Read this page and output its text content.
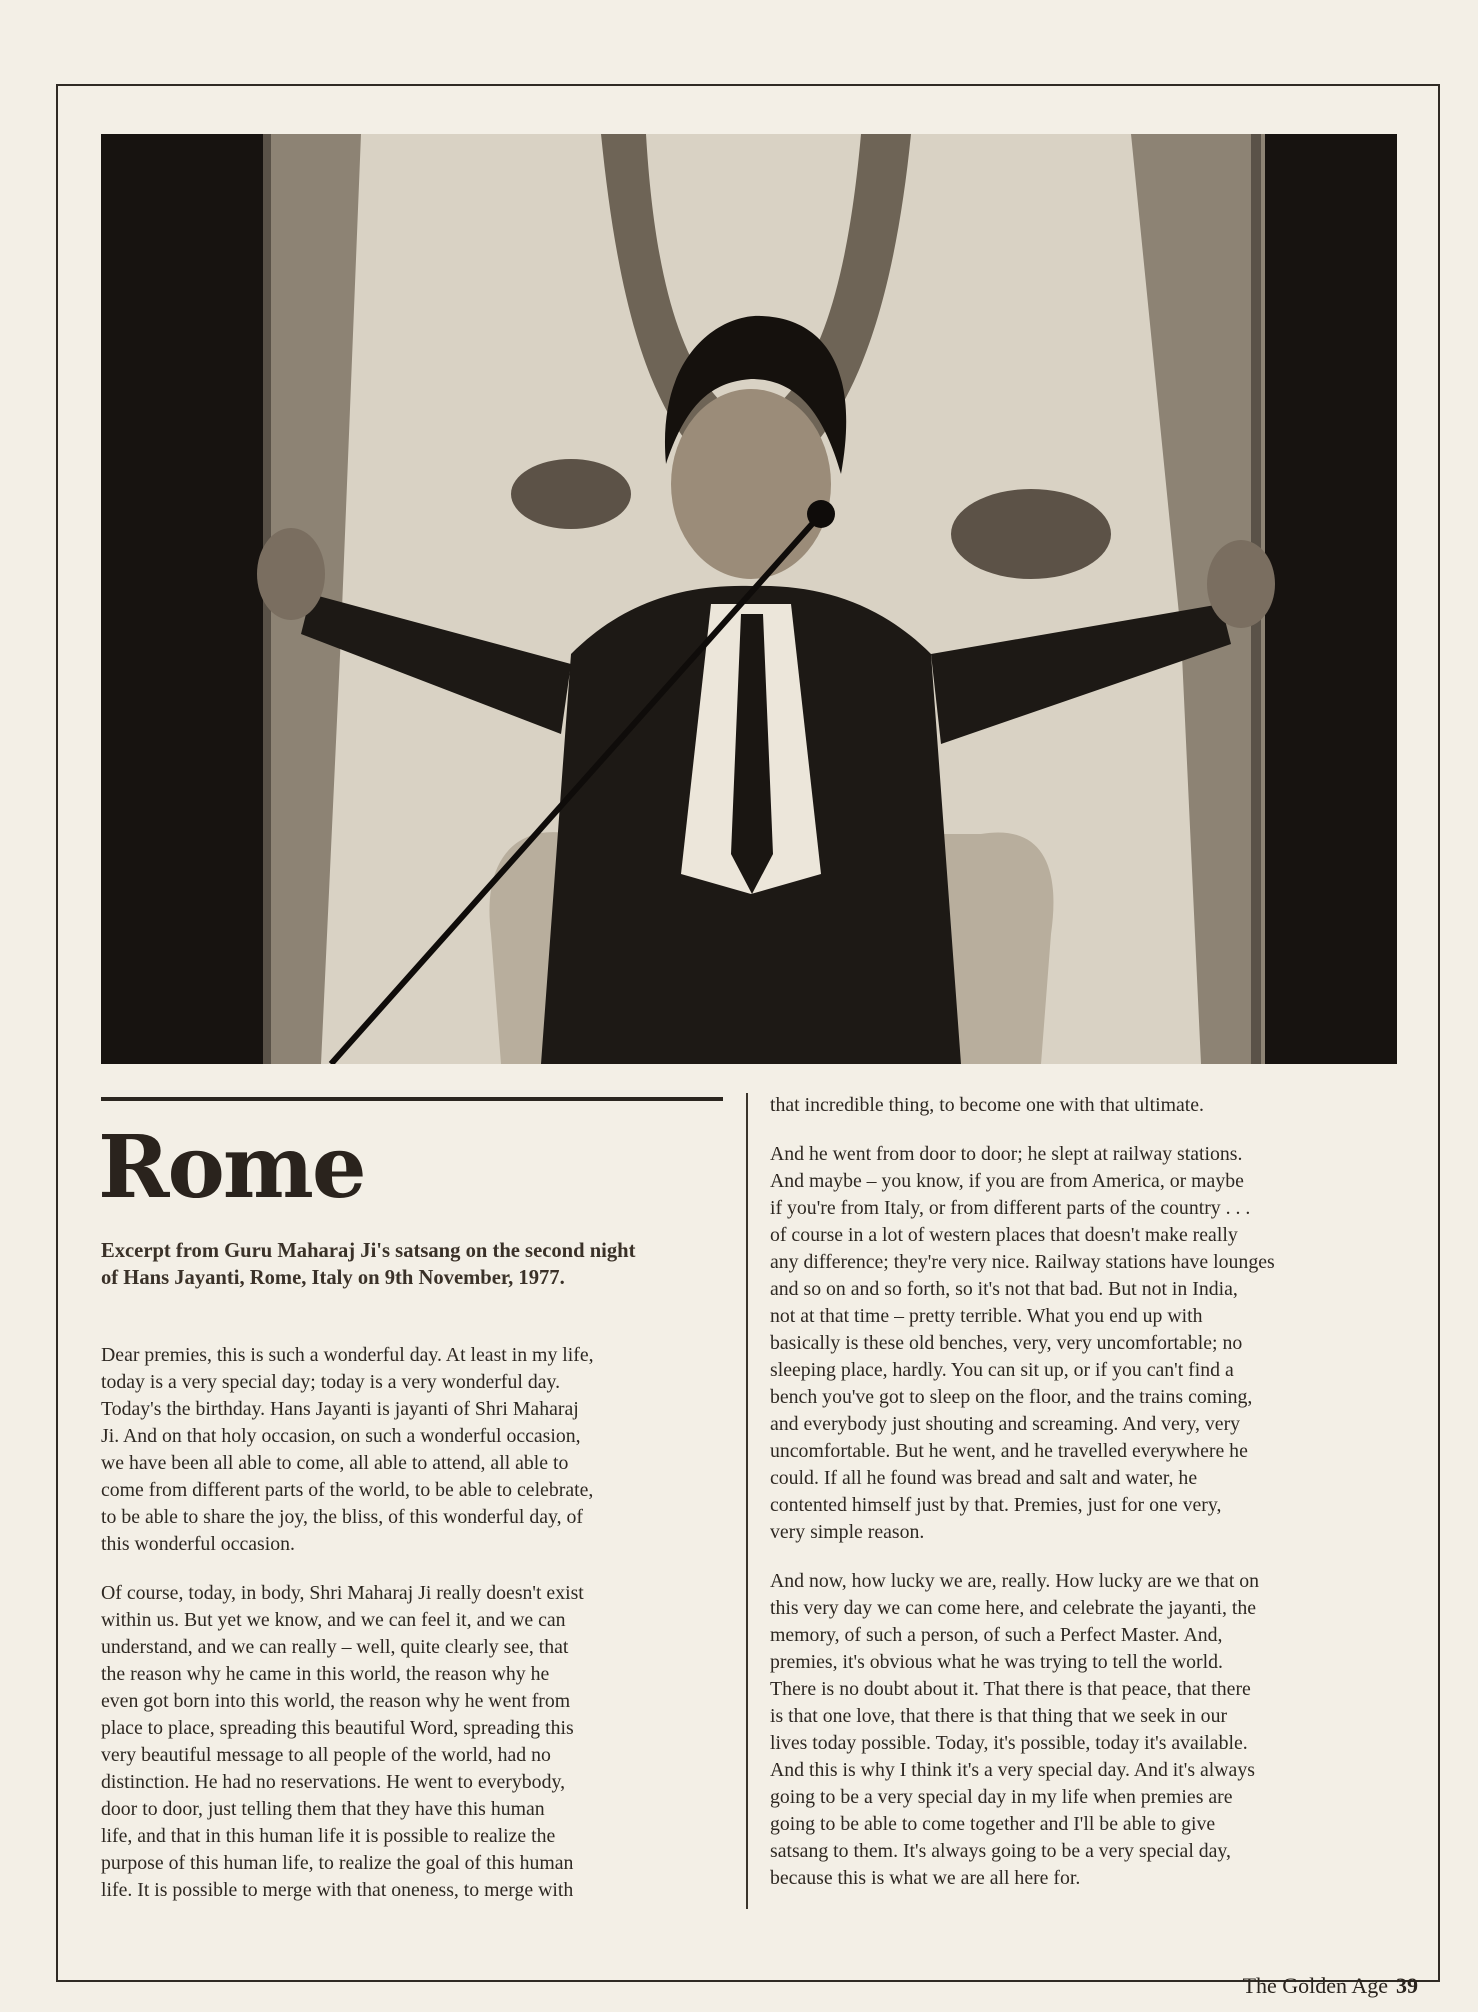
Rome

Excerpt from Guru Maharaj Ji's satsang on the second night
of Hans Jayanti, Rome, Italy on 9th November, 1977.

Dear premies, this is such a wonderful day. At least in my life,
today is a very special day; today is a very wonderful day.
Today's the birthday. Hans Jayanti is jayanti of Shri Maharaj
Ji. And on that holy occasion, on such a wonderful occasion,
we have been all able to come, all able to attend, all able to
come from different parts of the world, to be able to celebrate,
to be able to share the joy, the bliss, of this wonderful day, of
this wonderful occasion.

Of course, today, in body, Shri Maharaj Ji really doesn't exist
within us. But yet we know, and we can feel it, and we can
understand, and we can really – well, quite clearly see, that
the reason why he came in this world, the reason why he
even got born into this world, the reason why he went from
place to place, spreading this beautiful Word, spreading this
very beautiful message to all people of the world, had no
distinction. He had no reservations. He went to everybody,
door to door, just telling them that they have this human
life, and that in this human life it is possible to realize the
purpose of this human life, to realize the goal of this human
life. It is possible to merge with that oneness, to merge with

that incredible thing, to become one with that ultimate.

And he went from door to door; he slept at railway stations.
And maybe – you know, if you are from America, or maybe
if you're from Italy, or from different parts of the country . . .
of course in a lot of western places that doesn't make really
any difference; they're very nice. Railway stations have lounges
and so on and so forth, so it's not that bad. But not in India,
not at that time – pretty terrible. What you end up with
basically is these old benches, very, very uncomfortable; no
sleeping place, hardly. You can sit up, or if you can't find a
bench you've got to sleep on the floor, and the trains coming,
and everybody just shouting and screaming. And very, very
uncomfortable. But he went, and he travelled everywhere he
could. If all he found was bread and salt and water, he
contented himself just by that. Premies, just for one very,
very simple reason.

And now, how lucky we are, really. How lucky are we that on
this very day we can come here, and celebrate the jayanti, the
memory, of such a person, of such a Perfect Master. And,
premies, it's obvious what he was trying to tell the world.
There is no doubt about it. That there is that peace, that there
is that one love, that there is that thing that we seek in our
lives today possible. Today, it's possible, today it's available.
And this is why I think it's a very special day. And it's always
going to be a very special day in my life when premies are
going to be able to come together and I'll be able to give
satsang to them. It's always going to be a very special day,
because this is what we are all here for.

The Golden Age 39
